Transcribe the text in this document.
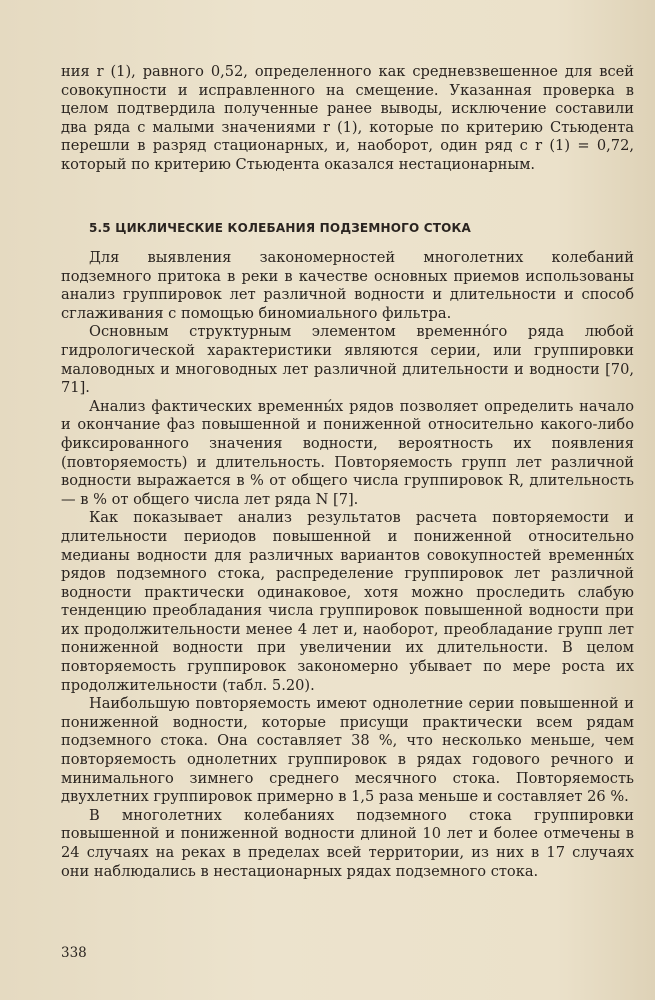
ния r (1), равного 0,52, определенного как средневзвешенное для всей совокупности и исправленного на смещение. Указанная проверка в целом подтвердила полученные ранее выводы, исключение составили два ряда с малыми значениями r (1), которые по критерию Стьюдента перешли в разряд стационарных, и, наоборот, один ряд с r (1) = 0,72, который по критерию Стьюдента оказался нестационарным.

5.5 ЦИКЛИЧЕСКИЕ КОЛЕБАНИЯ ПОДЗЕМНОГО СТОКА

Для выявления закономерностей многолетних колебаний подземного притока в реки в качестве основных приемов использованы анализ группировок лет различной водности и длительности и способ сглаживания с помощью биномиального фильтра.

Основным структурным элементом временно́го ряда любой гидрологической характеристики являются серии, или группировки маловодных и многоводных лет различной длительности и водности [70, 71].

Анализ фактических временны́х рядов позволяет определить начало и окончание фаз повышенной и пониженной относительно какого-либо фиксированного значения водности, вероятность их появления (повторяемость) и длительность. Повторяемость групп лет различной водности выражается в % от общего числа группировок R, длительность — в % от общего числа лет ряда N [7].

Как показывает анализ результатов расчета повторяемости и длительности периодов повышенной и пониженной относительно медианы водности для различных вариантов совокупностей временны́х рядов подземного стока, распределение группировок лет различной водности практически одинаковое, хотя можно проследить слабую тенденцию преобладания числа группировок повышенной водности при их продолжительности менее 4 лет и, наоборот, преобладание групп лет пониженной водности при увеличении их длительности. В целом повторяемость группировок закономерно убывает по мере роста их продолжительности (табл. 5.20).

Наибольшую повторяемость имеют однолетние серии повышенной и пониженной водности, которые присущи практически всем рядам подземного стока. Она составляет 38 %, что несколько меньше, чем повторяемость однолетних группировок в рядах годового речного и минимального зимнего среднего месячного стока. Повторяемость двухлетних группировок примерно в 1,5 раза меньше и составляет 26 %.

В многолетних колебаниях подземного стока группировки повышенной и пониженной водности длиной 10 лет и более отмечены в 24 случаях на реках в пределах всей территории, из них в 17 случаях они наблюдались в нестационарных рядах подземного стока.

338
